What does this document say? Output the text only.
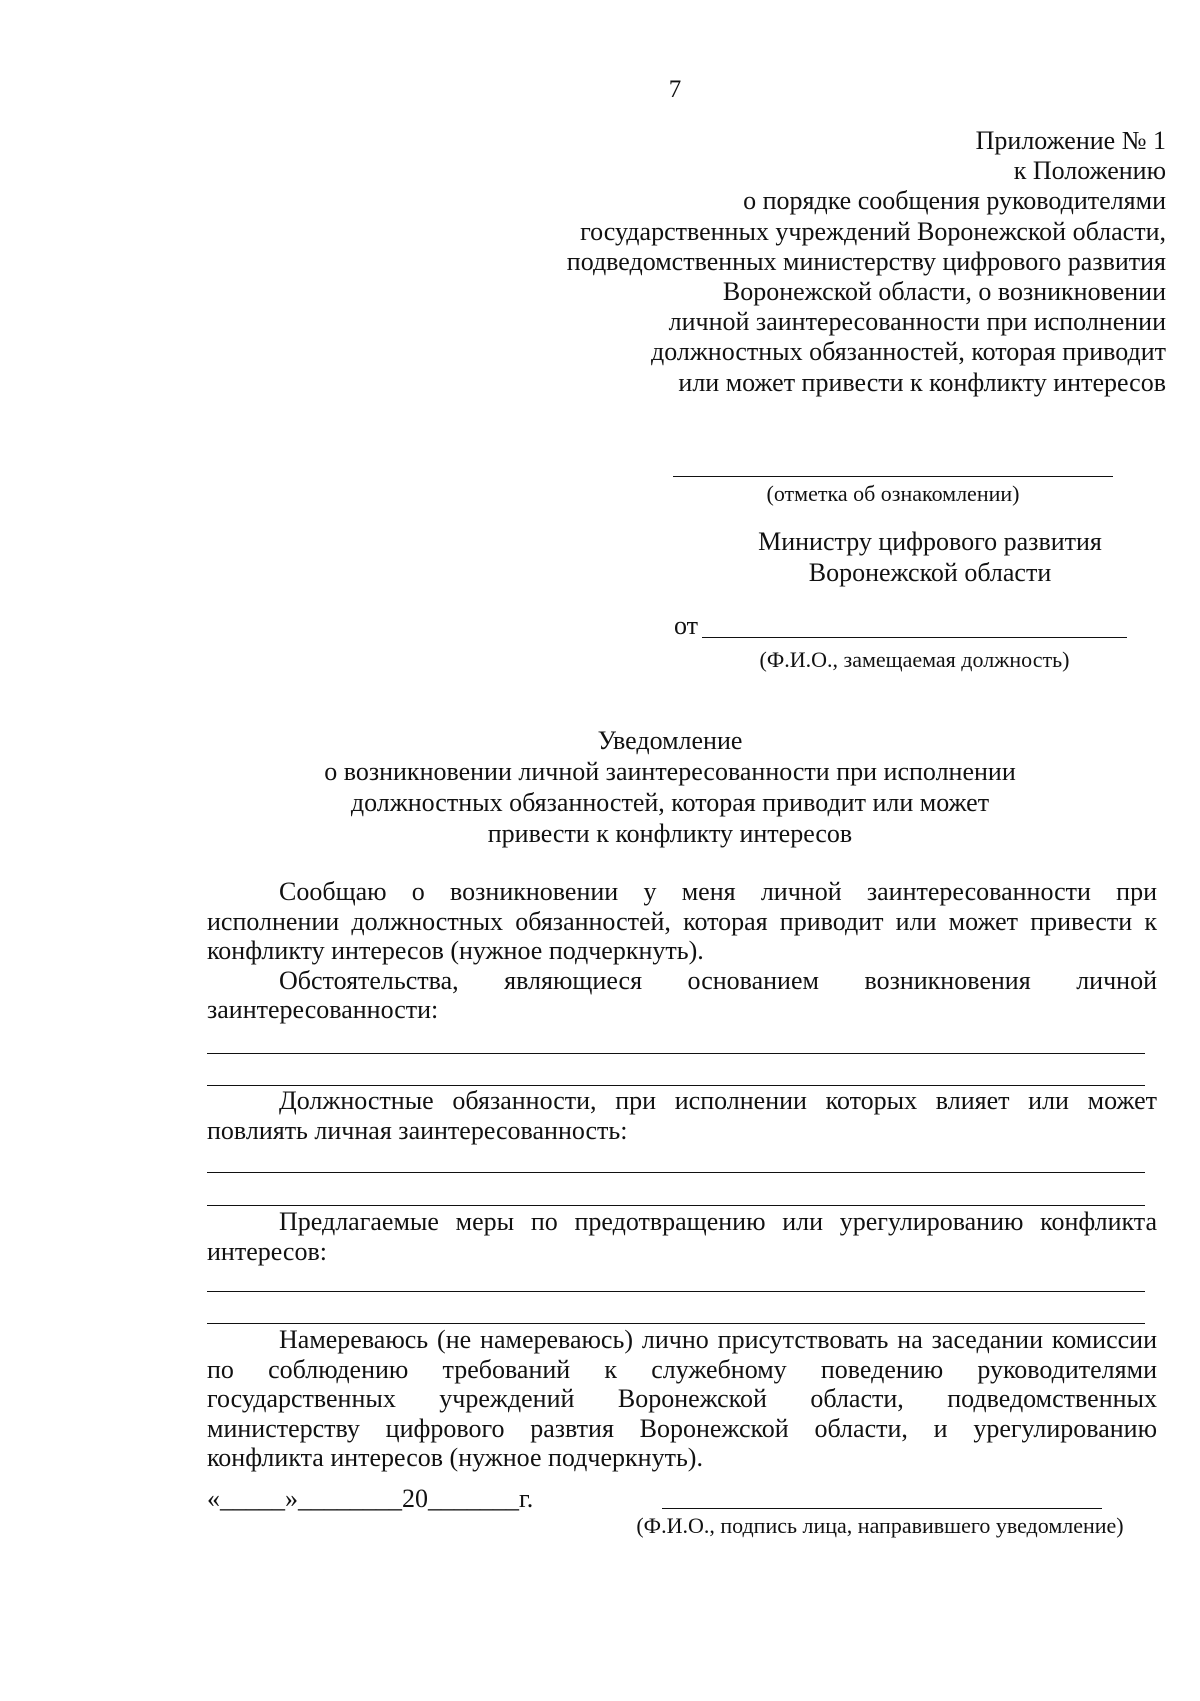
7
Приложение № 1
к Положению
о порядке сообщения руководителями
государственных учреждений Воронежской области,
подведомственных министерству цифрового развития
Воронежской области, о возникновении
личной заинтересованности при исполнении
должностных обязанностей, которая приводит
или может привести к конфликту интересов
(отметка об ознакомлении)
Министру цифрового развития
Воронежской области
от
(Ф.И.О., замещаемая должность)
Уведомление
о возникновении личной заинтересованности при исполнении
должностных обязанностей, которая приводит или может
привести к конфликту интересов
Сообщаю о возникновении у меня личной заинтересованности при исполнении должностных обязанностей, которая приводит или может привести к конфликту интересов (нужное подчеркнуть).
Обстоятельства, являющиеся основанием возникновения личной заинтересованности:
Должностные обязанности, при исполнении которых влияет или может повлиять личная заинтересованность:
Предлагаемые меры по предотвращению или урегулированию конфликта интересов:
Намереваюсь (не намереваюсь) лично присутствовать на заседании комиссии по соблюдению требований к служебному поведению руководителями государственных учреждений Воронежской области, подведомственных министерству цифрового развтия Воронежской области, и урегулированию конфликта интересов (нужное подчеркнуть).
«_____»________20_______г.
(Ф.И.О., подпись лица, направившего уведомление)
